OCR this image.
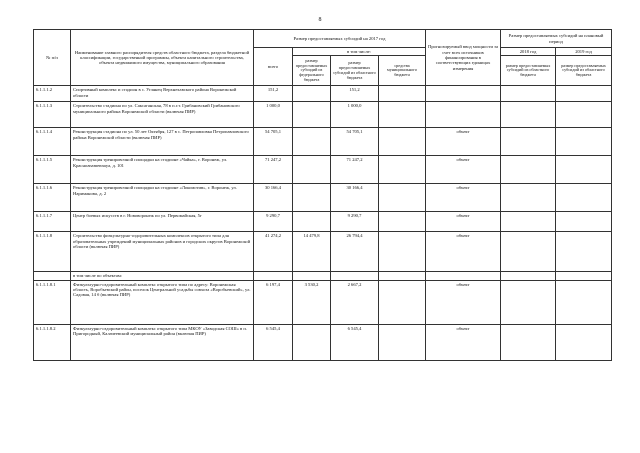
8
№ п/п	Наименование главного распорядителя средств областного бюджета, раздела бюджетной классификации, государственной программы, объекта капитального строительства, объекта недвижимого имущества, муниципального образования	Размер предоставляемых субсидий на 2017 год				Прогнозируемый ввод мощности за счет всех источников финансирования в соответствующих единицах измерения	Размер предоставляемых субсидий на плановый период	
		всего	в том числе:				2018 год	2019 год
			размер предоставляемых субсидий из федерального бюджета	размер предоставляемых субсидий из областного бюджета	средства муниципального бюджета		размер предоставляемых субсидий из областного бюджета	размер предоставляемых субсидий из областного бюджета
6.1.1.1.2	Спортивный комплекс и стадион в с. Углянец Верхнехавского района Воронежской области	151,2		151,2				
6.1.1.1.3	Строительство стадиона по ул. Саксаганская, 78 в п.г.т. Грибановский Грибановского муниципального района Воронежской области (включая ПИР)	1 000,0		1 000,0				
6.1.1.1.4	Реконструкция стадиона по ул. 50 лет Октября, 127 в с. Петропавловка Петропавловского района Воронежской области (включая ПИР)	54 705,1		54 705,1		объект		
6.1.1.1.5	Реконструкция тренировочной площадки на стадионе «Чайка», г. Воронеж, ул. Красноznamennaya, д. 101	71 247,2		71 247,2		объект		
6.1.1.1.6	Реконструкция тренировочной площадки на стадионе «Локомотив», г. Воронеж, ул. Нариманова, д. 2	30 166,4		30 166,4		объект		
6.1.1.1.7	Центр боевых искусств в г. Нововоронеж по ул. Первомайская, 5г	9 290,7		9 290,7		объект		
6.1.1.1.8	Строительство физкультурно-оздоровительных комплексов открытого типа для образовательных учреждений муниципальных районов и городских округов Воронежской области (включая ПИР)	41 274,2	14 479,8	26 794,4		объект		
	в том числе по объектам:							
6.1.1.1.8.1	Физкультурно-оздоровительный комплекс открытого типа по адресу: Воронежская область, Воробьевский район, поселок Центральной усадьбы совхоза «Воробьевский», ул. Садовая, 14 б (включая ПИР)	6 197,4	3 530,2	2 667,2		объект		
6.1.1.1.8.2	Физкультурно-оздоровительный комплекс открытого типа МКОУ «Заводская СОШ» в п. Пригородный, Калачеевский муниципальный район (включая ПИР)	6 545,4		6 545,4		объект		
